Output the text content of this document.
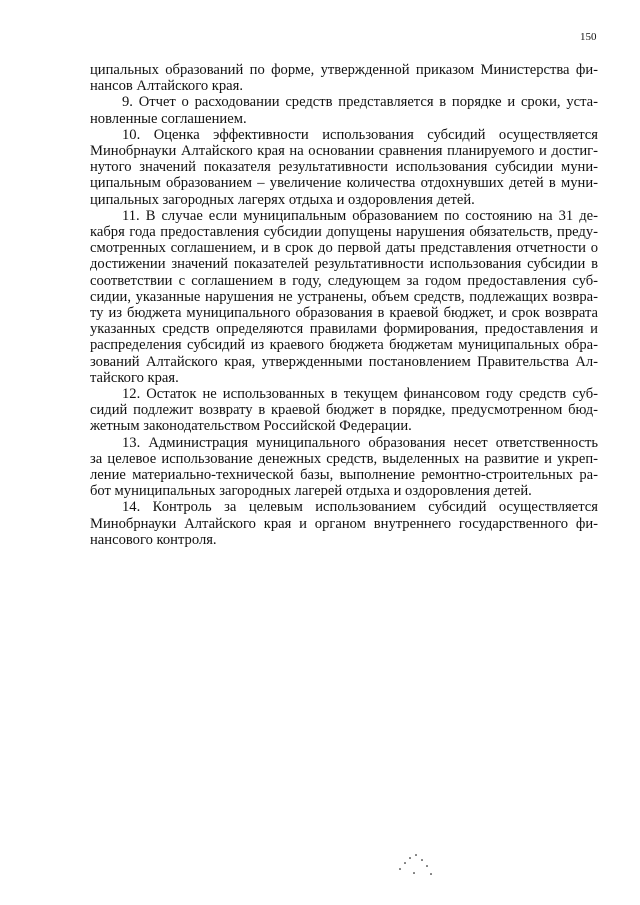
150
ципальных образований по форме, утвержденной приказом Министерства фи-
нансов Алтайского края.
9. Отчет о расходовании средств представляется в порядке и сроки, уста-
новленные соглашением.
10. Оценка эффективности использования субсидий осуществляется
Минобрнауки Алтайского края на основании сравнения планируемого и достиг-
нутого значений показателя результативности использования субсидии муни-
ципальным образованием – увеличение количества отдохнувших детей в муни-
ципальных загородных лагерях отдыха и оздоровления детей.
11. В случае если муниципальным образованием по состоянию на 31 де-
кабря года предоставления субсидии допущены нарушения обязательств, преду-
смотренных соглашением, и в срок до первой даты представления отчетности о
достижении значений показателей результативности использования субсидии в
соответствии с соглашением в году, следующем за годом предоставления суб-
сидии, указанные нарушения не устранены, объем средств, подлежащих возвра-
ту из бюджета муниципального образования в краевой бюджет, и срок возврата
указанных средств определяются правилами формирования, предоставления и
распределения субсидий из краевого бюджета бюджетам муниципальных обра-
зований Алтайского края, утвержденными постановлением Правительства Ал-
тайского края.
12. Остаток не использованных в текущем финансовом году средств суб-
сидий подлежит возврату в краевой бюджет в порядке, предусмотренном бюд-
жетным законодательством Российской Федерации.
13. Администрация муниципального образования несет ответственность
за целевое использование денежных средств, выделенных на развитие и укреп-
ление материально-технической базы, выполнение ремонтно-строительных ра-
бот муниципальных загородных лагерей отдыха и оздоровления детей.
14. Контроль за целевым использованием субсидий осуществляется
Минобрнауки Алтайского края и органом внутреннего государственного фи-
нансового контроля.
